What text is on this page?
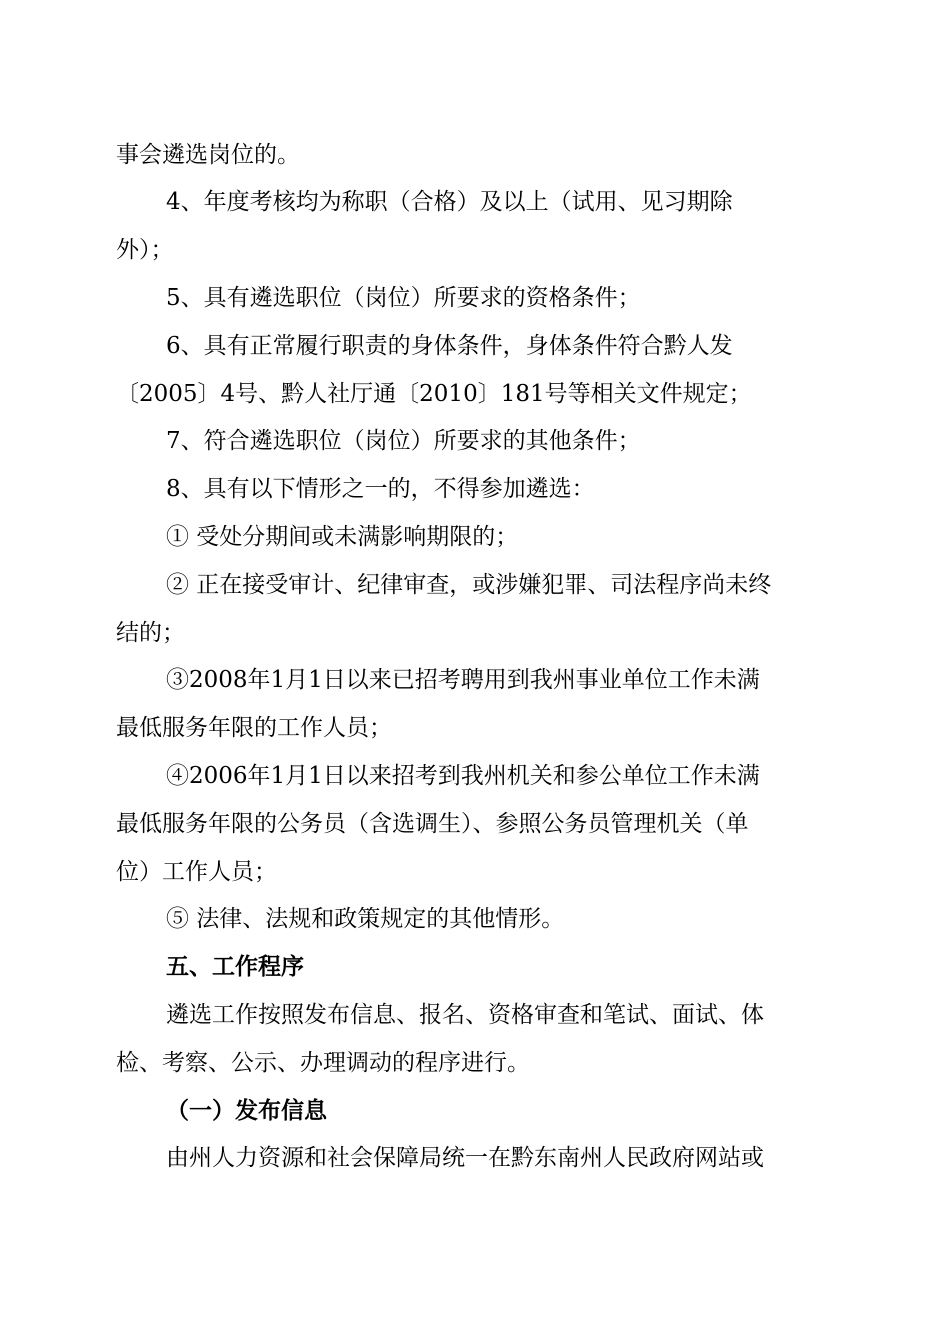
事会遴选岗位的。
4、年度考核均为称职（合格）及以上（试用、见习期除
外）；
5、具有遴选职位（岗位）所要求的资格条件；
6、具有正常履行职责的身体条件，身体条件符合黔人发
〔2005〕4号、黔人社厅通〔2010〕181号等相关文件规定；
7、符合遴选职位（岗位）所要求的其他条件；
8、具有以下情形之一的，不得参加遴选：
① 受处分期间或未满影响期限的；
② 正在接受审计、纪律审查，或涉嫌犯罪、司法程序尚未终
结的；
③2008年1月1日以来已招考聘用到我州事业单位工作未满
最低服务年限的工作人员；
④2006年1月1日以来招考到我州机关和参公单位工作未满
最低服务年限的公务员（含选调生）、参照公务员管理机关（单
位）工作人员；
⑤ 法律、法规和政策规定的其他情形。
五、工作程序
遴选工作按照发布信息、报名、资格审查和笔试、面试、体
检、考察、公示、办理调动的程序进行。
（一）发布信息
由州人力资源和社会保障局统一在黔东南州人民政府网站或
